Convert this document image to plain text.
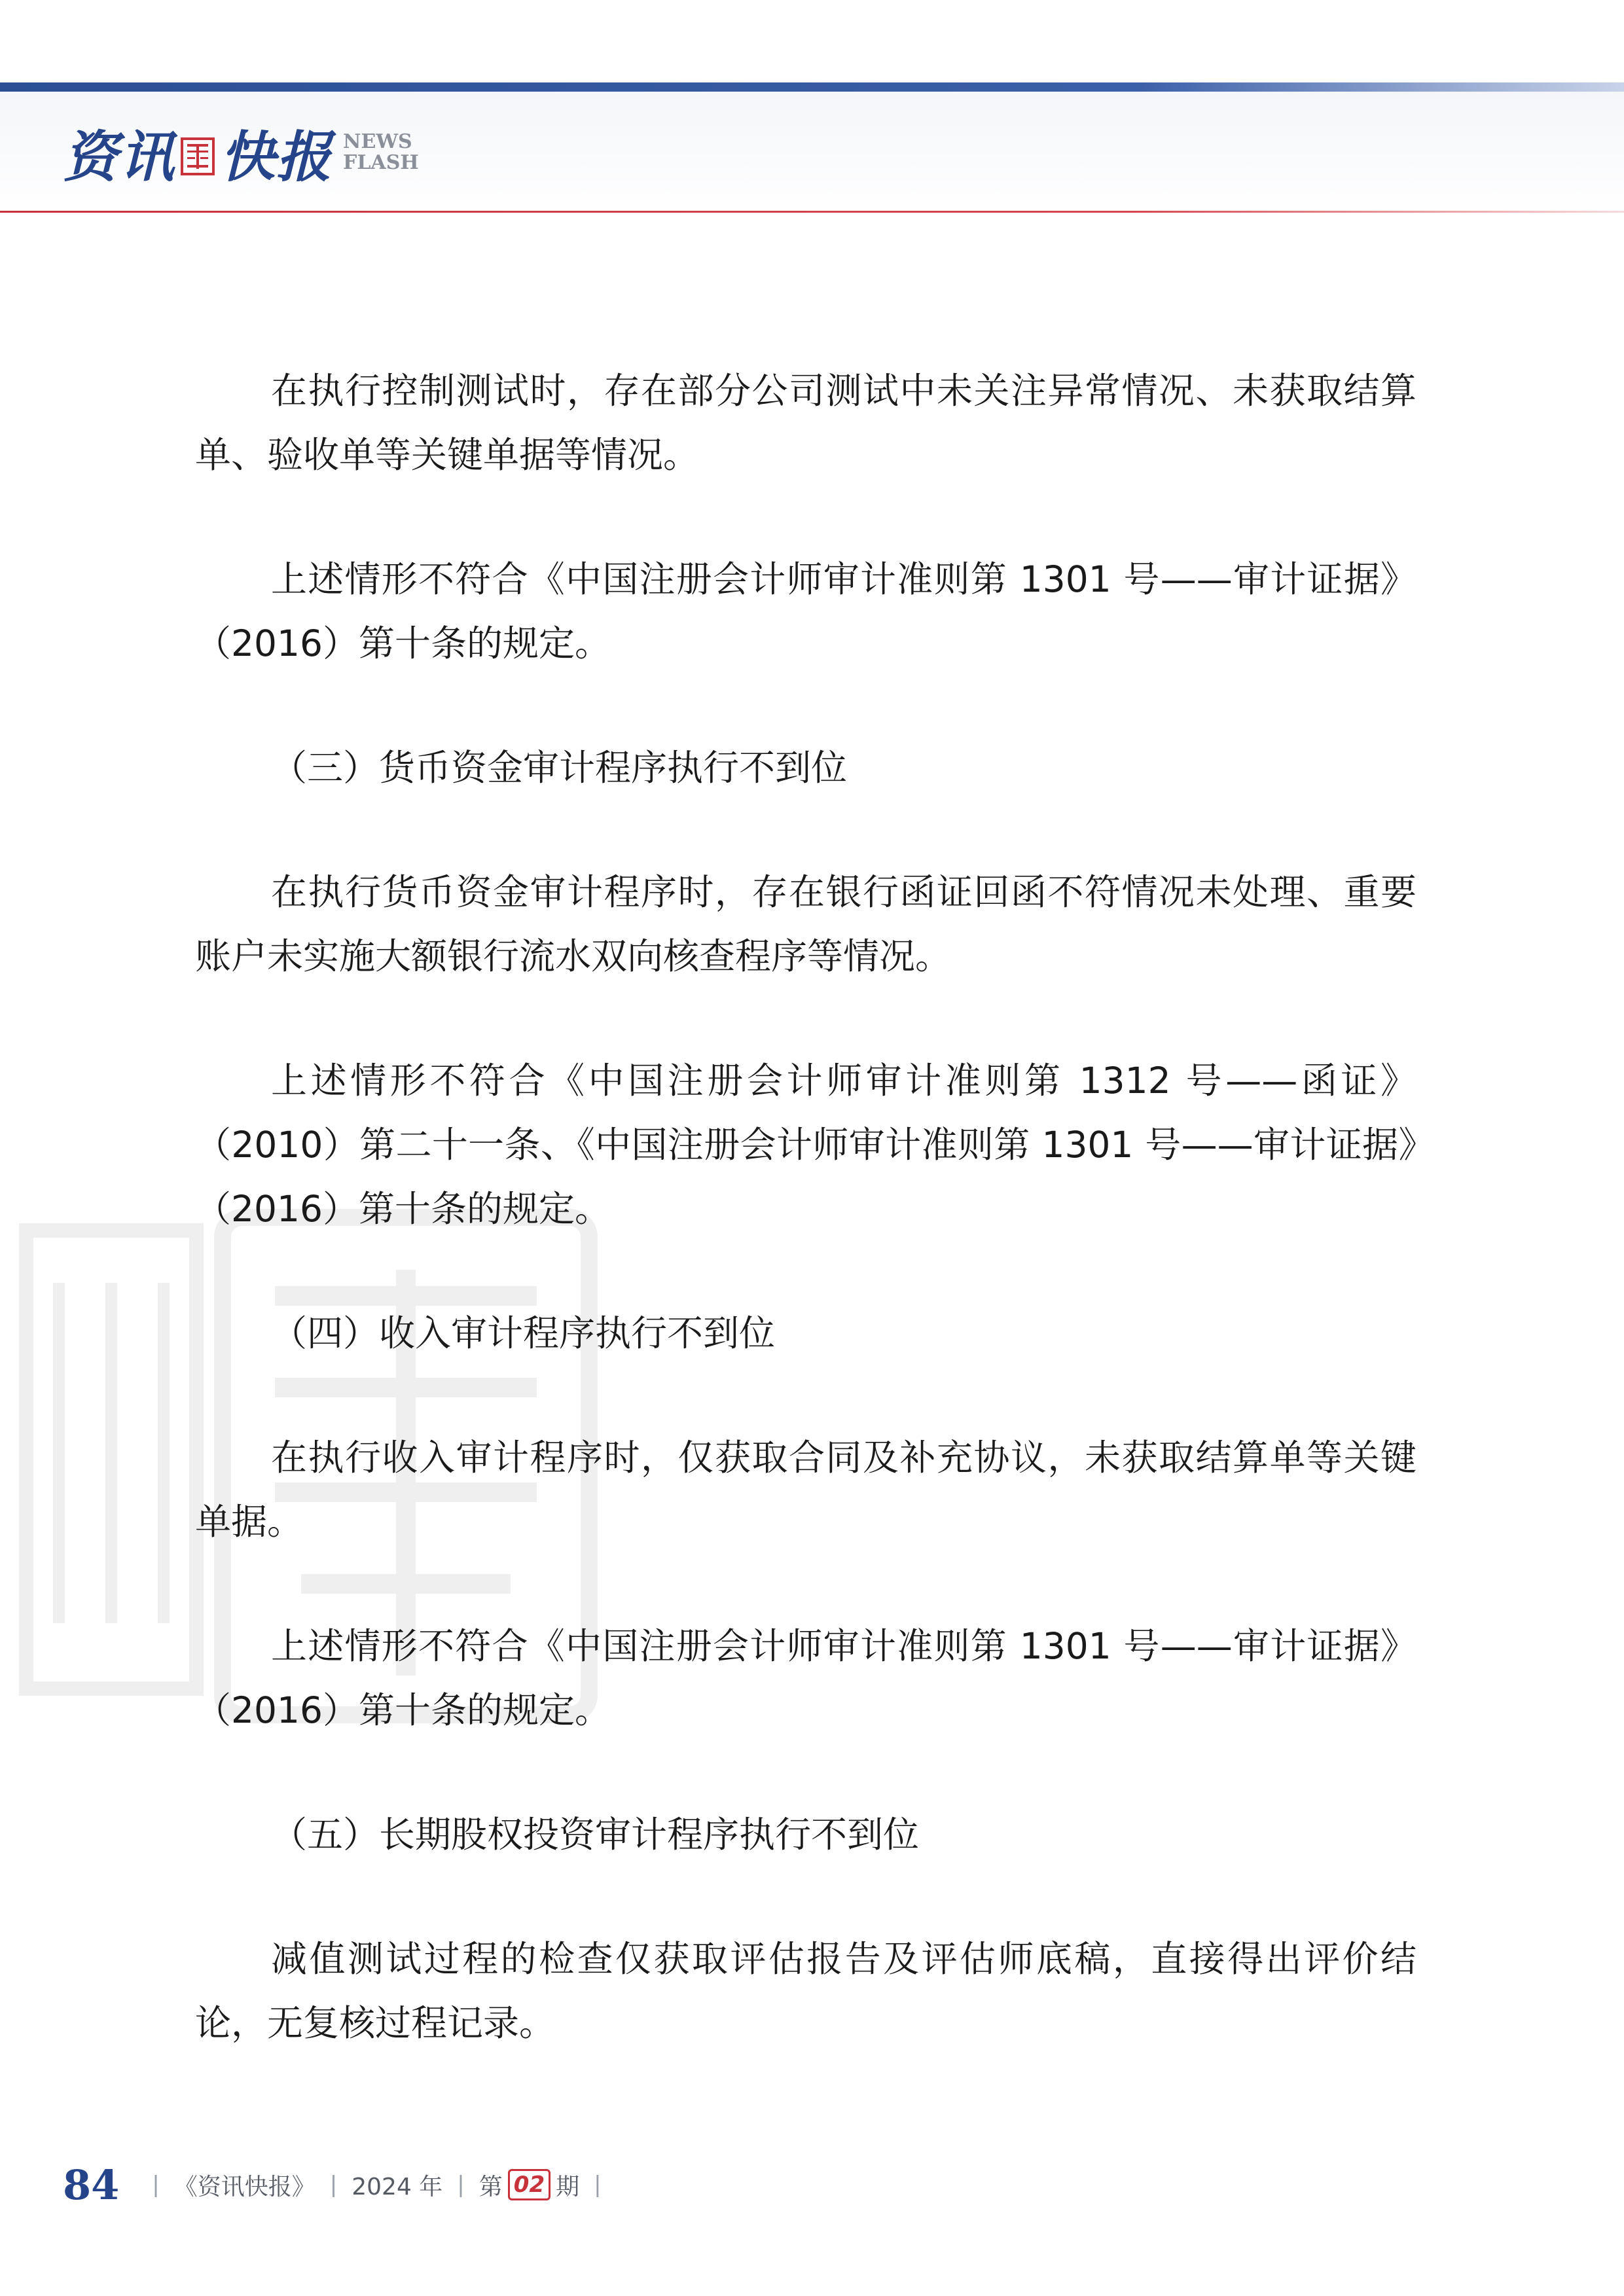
资讯 快报 NEWS
FLASH

在执行控制测试时，存在部分公司测试中未关注异常情况、未获取结算单、验收单等关键单据等情况。

上述情形不符合《中国注册会计师审计准则第 1301 号——审计证据》（2016）第十条的规定。

（三）货币资金审计程序执行不到位

在执行货币资金审计程序时，存在银行函证回函不符情况未处理、重要账户未实施大额银行流水双向核查程序等情况。

上述情形不符合《中国注册会计师审计准则第 1312 号——函证》（2010）第二十一条、《中国注册会计师审计准则第 1301 号——审计证据》（2016）第十条的规定。

（四）收入审计程序执行不到位

在执行收入审计程序时，仅获取合同及补充协议，未获取结算单等关键单据。

上述情形不符合《中国注册会计师审计准则第 1301 号——审计证据》（2016）第十条的规定。

（五）长期股权投资审计程序执行不到位

减值测试过程的检查仅获取评估报告及评估师底稿，直接得出评价结论，无复核过程记录。

84 | 《资讯快报》 | 2024 年 | 第 02 期 |
